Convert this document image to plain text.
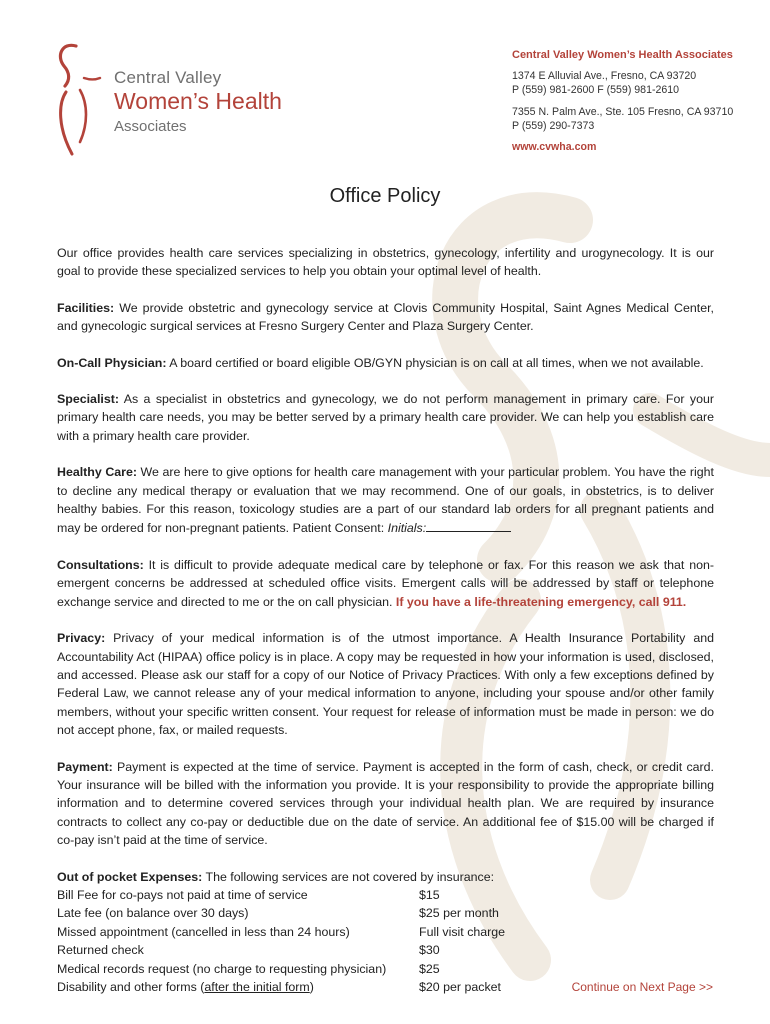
Central Valley
Women’s Health
Associates
Central Valley Women’s Health Associates
1374 E Alluvial Ave., Fresno, CA 93720
P (559) 981-2600 F (559) 981-2610
7355 N. Palm Ave., Ste. 105 Fresno, CA 93710
P (559) 290-7373
www.cvwha.com
Office Policy

Our office provides health care services specializing in obstetrics, gynecology, infertility and urogynecology. It is our goal to provide these specialized services to help you obtain your optimal level of health.

Facilities: We provide obstetric and gynecology service at Clovis Community Hospital, Saint Agnes Medical Center, and gynecologic surgical services at Fresno Surgery Center and Plaza Surgery Center.

On-Call Physician: A board certified or board eligible OB/GYN physician is on call at all times, when we not available.

Specialist: As a specialist in obstetrics and gynecology, we do not perform management in primary care. For your primary health care needs, you may be better served by a primary health care provider. We can help you establish care with a primary health care provider.

Healthy Care: We are here to give options for health care management with your particular problem. You have the right to decline any medical therapy or evaluation that we may recommend. One of our goals, in obstetrics, is to deliver healthy babies. For this reason, toxicology studies are a part of our standard lab orders for all pregnant patients and may be ordered for non-pregnant patients. Patient Consent: Initials:

Consultations: It is difficult to provide adequate medical care by telephone or fax. For this reason we ask that non-emergent concerns be addressed at scheduled office visits. Emergent calls will be addressed by staff or telephone exchange service and directed to me or the on call physician. If you have a life-threatening emergency, call 911.

Privacy: Privacy of your medical information is of the utmost importance. A Health Insurance Portability and Accountability Act (HIPAA) office policy is in place. A copy may be requested in how your information is used, disclosed, and accessed. Please ask our staff for a copy of our Notice of Privacy Practices. With only a few exceptions defined by Federal Law, we cannot release any of your medical information to anyone, including your spouse and/or other family members, without your specific written consent. Your request for release of information must be made in person: we do not accept phone, fax, or mailed requests.

Payment: Payment is expected at the time of service. Payment is accepted in the form of cash, check, or credit card. Your insurance will be billed with the information you provide. It is your responsibility to provide the appropriate billing information and to determine covered services through your individual health plan. We are required by insurance contracts to collect any co-pay or deductible due on the date of service. An additional fee of $15.00 will be charged if co-pay isn’t paid at the time of service.

Out of pocket Expenses: The following services are not covered by insurance:

Bill Fee for co-pays not paid at time of service	$15
Late fee (on balance over 30 days)	$25 per month
Missed appointment (cancelled in less than 24 hours)	Full visit charge
Returned check	$30
Medical records request (no charge to requesting physician)	$25
Disability and other forms (after the initial form)	$20 per packet	Continue on Next Page >>
